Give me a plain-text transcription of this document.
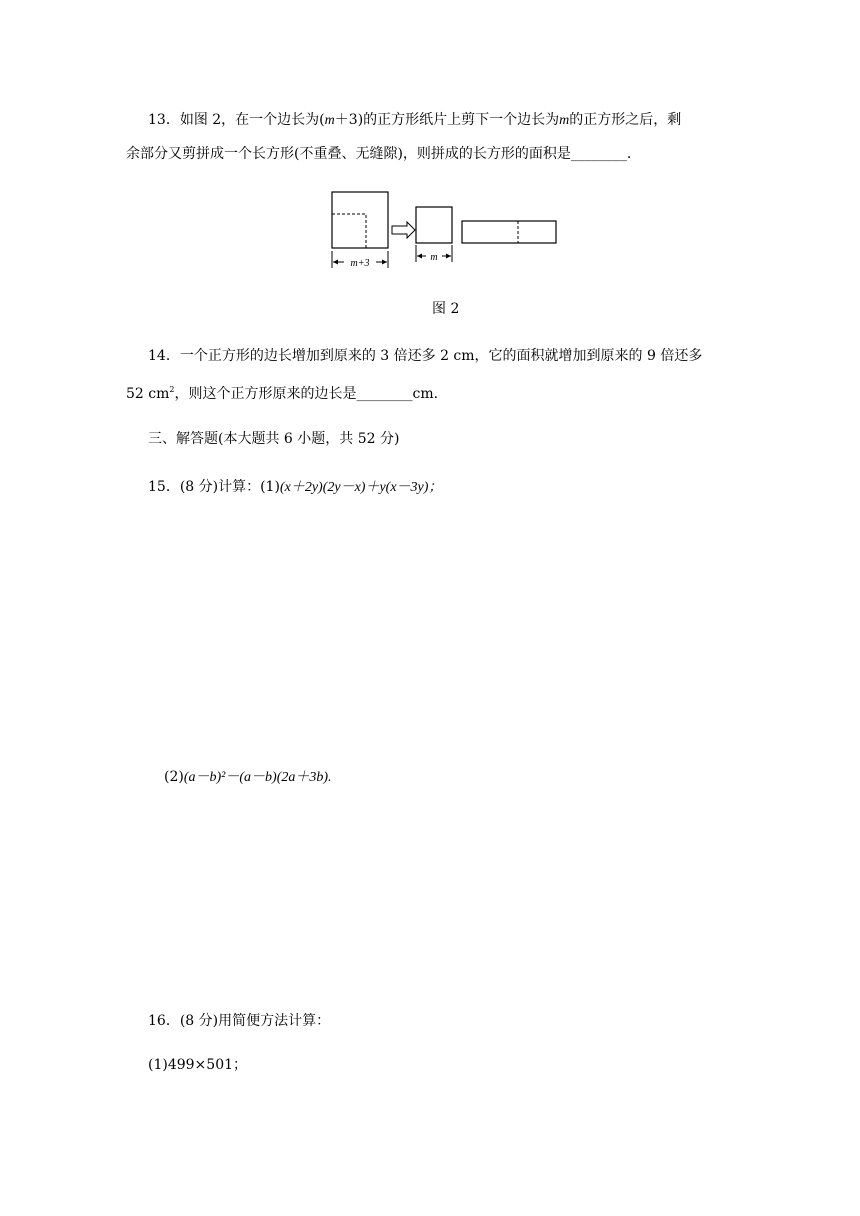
13．如图 2，在一个边长为(m＋3)的正方形纸片上剪下一个边长为m的正方形之后，剩
余部分又剪拼成一个长方形(不重叠、无缝隙)，则拼成的长方形的面积是________.
m+3
m
图 2
14．一个正方形的边长增加到原来的 3 倍还多 2 cm，它的面积就增加到原来的 9 倍还多
52 $cm^2$，则这个正方形原来的边长是________cm.
三、解答题(本大题共 6 小题，共 52 分)
15．(8 分)计算：(1)(x＋2y)(2y－x)＋y(x－3y)；
(2)(a－b)²－(a－b)(2a＋3b).
16．(8 分)用简便方法计算：
(1)499×501；
